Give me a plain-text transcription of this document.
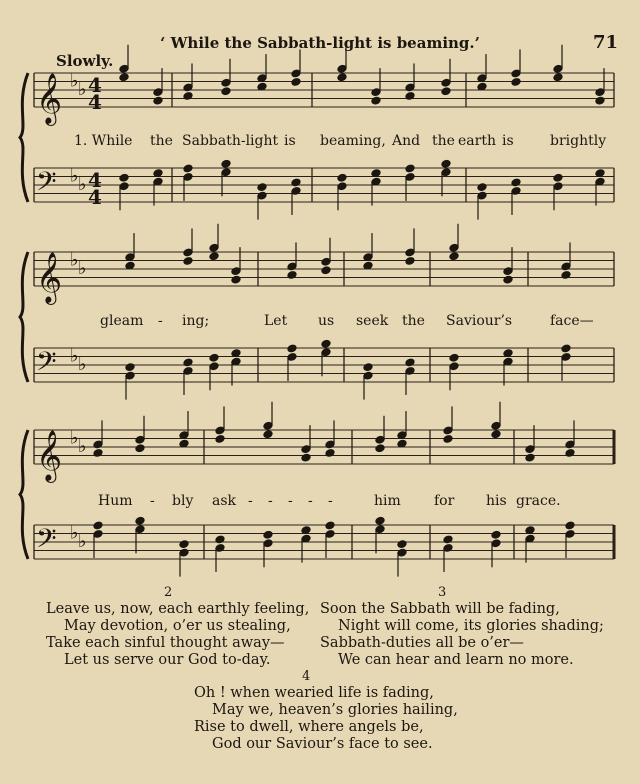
‘ While the Sabbath-light is beaming.’	71
Slowly.
𝄞 ♭ ♭ 4
4
𝄢 ♭ ♭ 4
4
𝄞 ♭ ♭
𝄢 ♭ ♭
𝄞 ♭ ♭
𝄢 ♭ ♭
1. While the Sabbath-light is beaming, And the earth is	brightly
gleam - ing;	Let us seek the Saviour’s	face—
Hum - bly ask - - - - -	him for his grace.
2
Leave us, now, each earthly feeling,
May devotion, o’er us stealing,
Take each sinful thought away—
Let us serve our God to-day.
3
Soon the Sabbath will be fading,
Night will come, its glories shading;
Sabbath-duties all be o’er—
We can hear and learn no more.
4
Oh ! when wearied life is fading,
May we, heaven’s glories hailing,
Rise to dwell, where angels be,
God our Saviour’s face to see.
